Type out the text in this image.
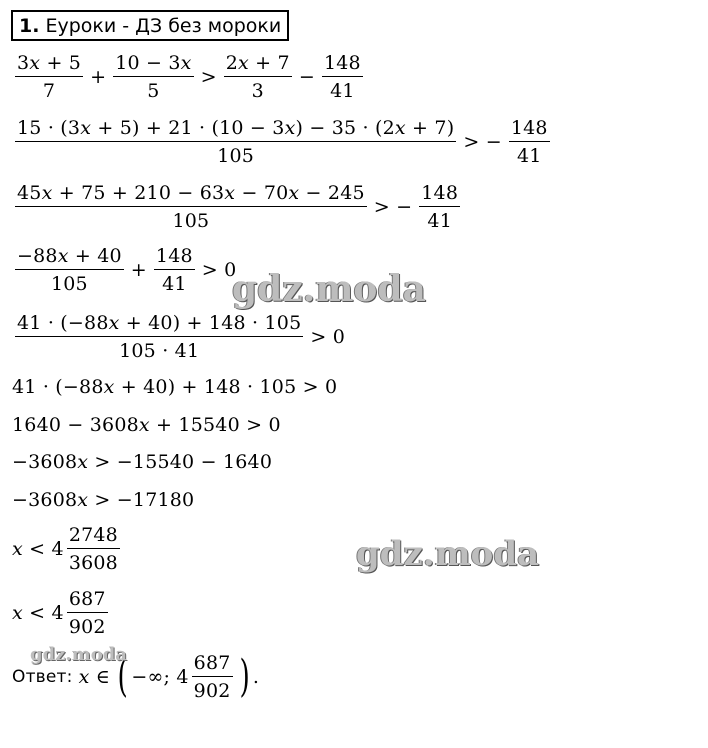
1. Еуроки - ДЗ без мороки
$\frac{\text{3𝑥 + 5}}{7} + \frac{\text{10 − 3𝑥}}{5} > \frac{\text{2𝑥 + 7}}{3} - \frac{148}{41}$
$\frac{\text{15 · (3𝑥 + 5) + 21 · (10 − 3𝑥) − 35 · (2𝑥 + 7)}}{105}$ > − $\frac{148}{41}$
$\frac{\text{45𝑥 + 75 + 210 − 63𝑥 − 70𝑥 − 245}}{105}$ > − $\frac{148}{41}$
$\frac{\text{−88𝑥 + 40}}{105} + \frac{148}{41} > 0$
$\frac{\text{41 · (−88𝑥 + 40) + 148 · 105}}{105 \cdot 41} > 0$
41 · (−88𝑥 + 40) + 148 · 105 > 0
1640 − 3608𝑥 + 15540 > 0
−3608𝑥 > −15540 − 1640
−3608𝑥 > −17180
𝑥 < $4 \frac{2748}{3608}$
𝑥 < $4 \frac{687}{902}$
Ответ: 𝑥 ∈ ( −∞; $4 \frac{687}{902}$ ) .
gdz.moda
gdz.moda
gdz.moda
